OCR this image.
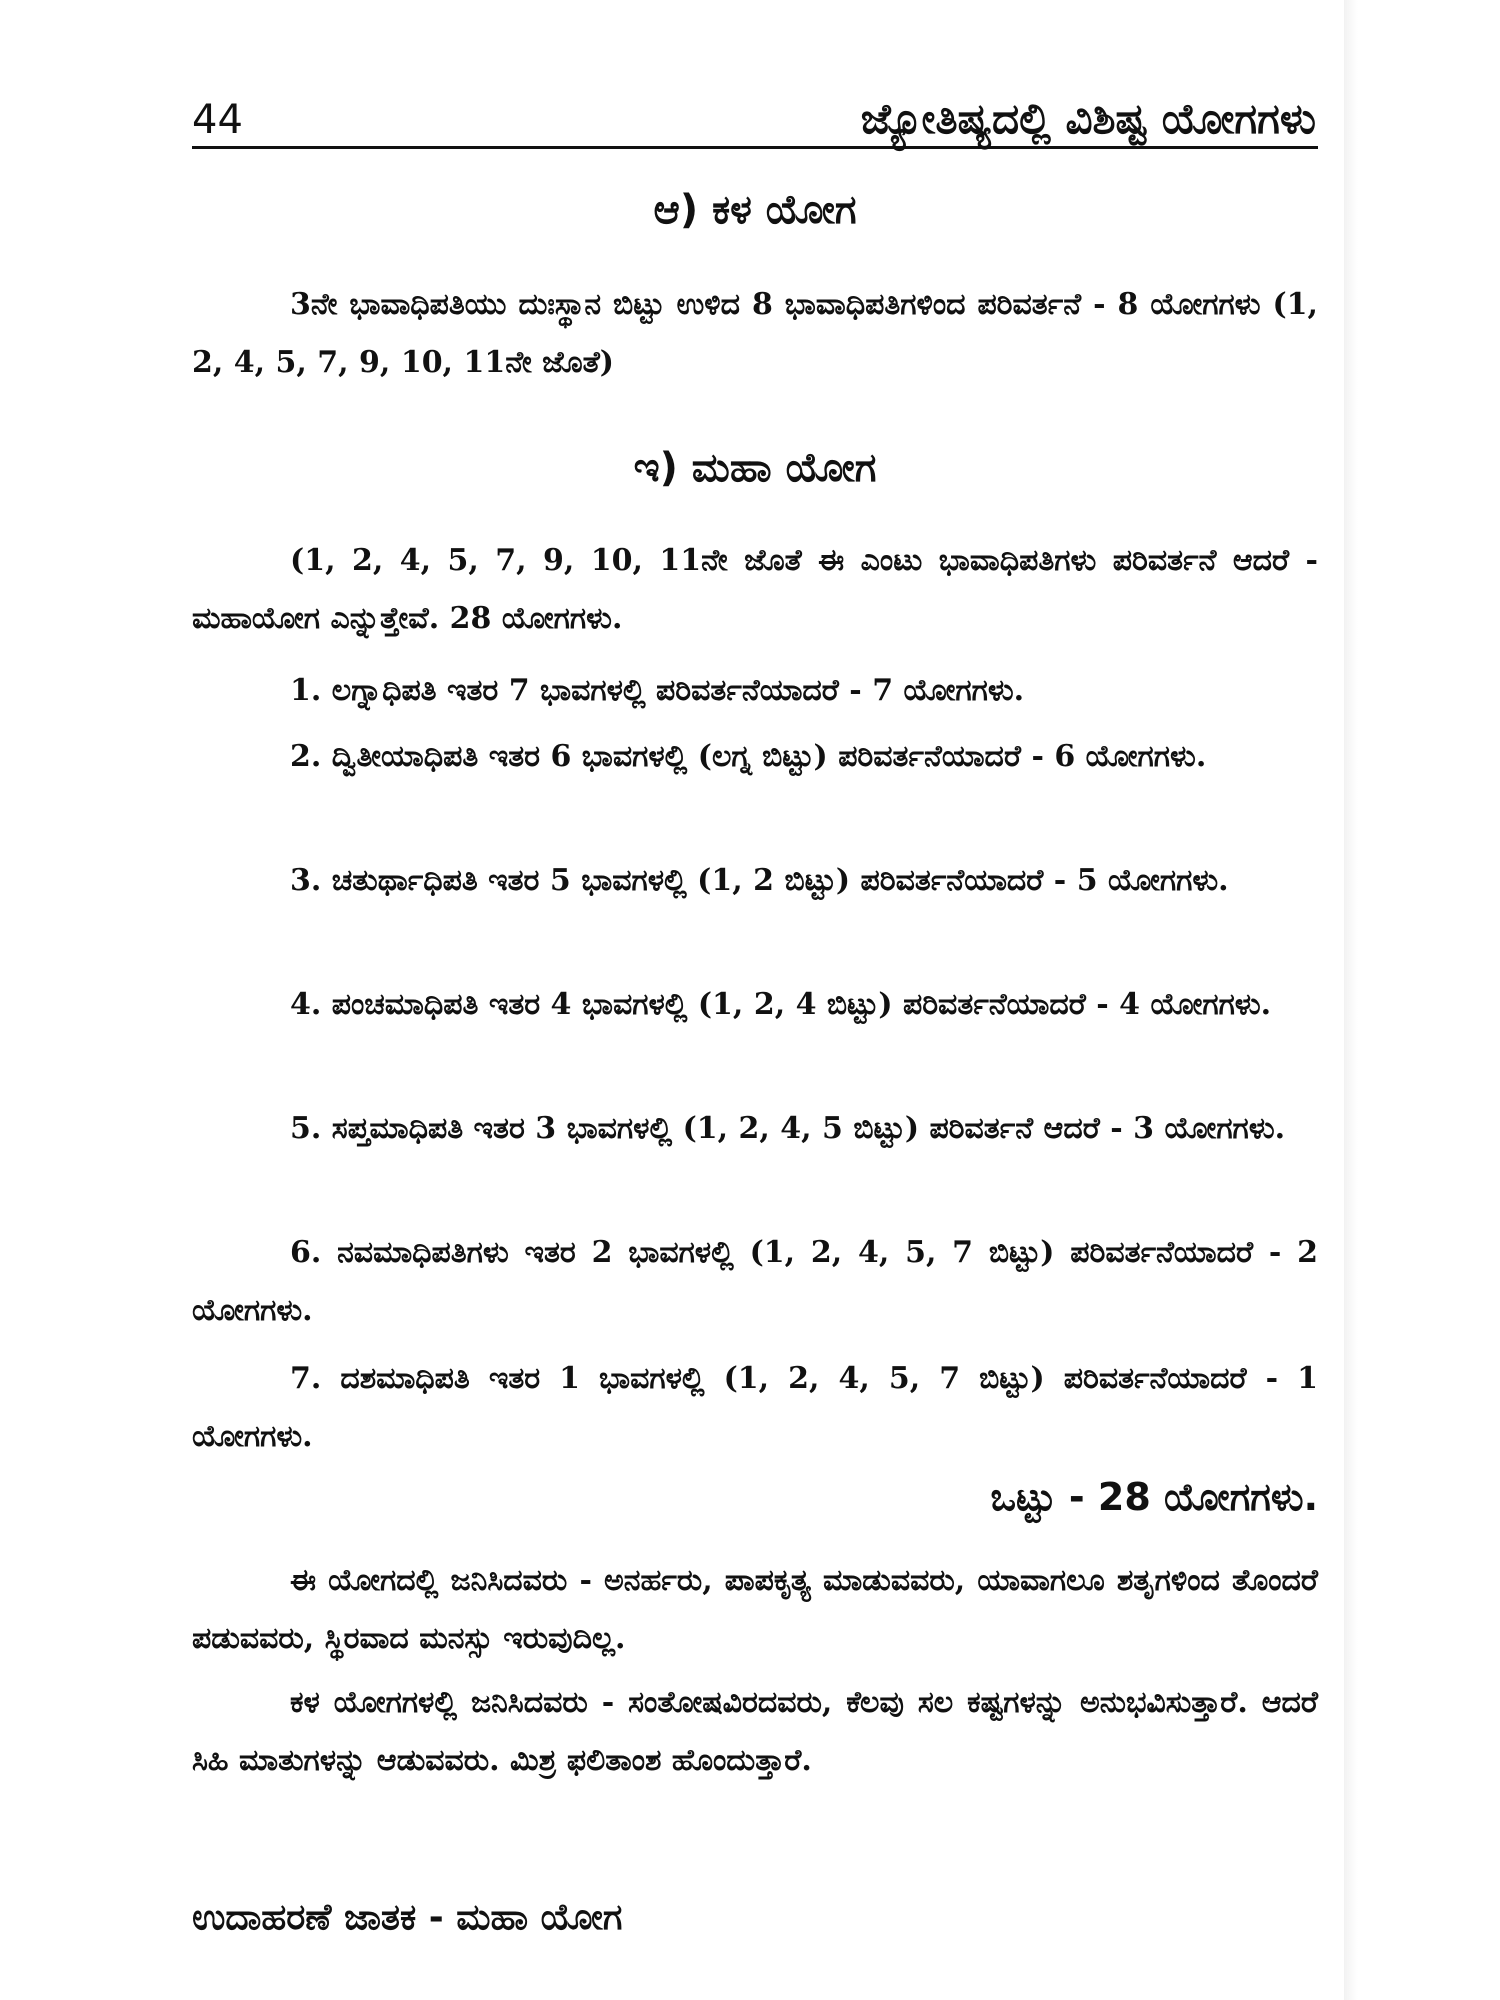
44	ಜ್ಯೋತಿಷ್ಯದಲ್ಲಿ ವಿಶಿಷ್ಟ ಯೋಗಗಳು
ಆ) ಕಳ ಯೋಗ

3ನೇ ಭಾವಾಧಿಪತಿಯು ದುಃಸ್ಥಾನ ಬಿಟ್ಟು ಉಳಿದ 8 ಭಾವಾಧಿಪತಿಗಳಿಂದ ಪರಿವರ್ತನೆ - 8 ಯೋಗಗಳು (1, 2, 4, 5, 7, 9, 10, 11ನೇ ಜೊತೆ)

ಇ) ಮಹಾ ಯೋಗ

(1, 2, 4, 5, 7, 9, 10, 11ನೇ ಜೊತೆ ಈ ಎಂಟು ಭಾವಾಧಿಪತಿಗಳು ಪರಿವರ್ತನೆ ಆದರೆ - ಮಹಾಯೋಗ ಎನ್ನುತ್ತೇವೆ. 28 ಯೋಗಗಳು.

1. ಲಗ್ನಾಧಿಪತಿ ಇತರ 7 ಭಾವಗಳಲ್ಲಿ ಪರಿವರ್ತನೆಯಾದರೆ - 7 ಯೋಗಗಳು.

2. ದ್ವಿತೀಯಾಧಿಪತಿ ಇತರ 6 ಭಾವಗಳಲ್ಲಿ (ಲಗ್ನ ಬಿಟ್ಟು) ಪರಿವರ್ತನೆಯಾದರೆ - 6 ಯೋಗಗಳು.

3. ಚತುರ್ಥಾಧಿಪತಿ ಇತರ 5 ಭಾವಗಳಲ್ಲಿ (1, 2 ಬಿಟ್ಟು) ಪರಿವರ್ತನೆಯಾದರೆ - 5 ಯೋಗಗಳು.

4. ಪಂಚಮಾಧಿಪತಿ ಇತರ 4 ಭಾವಗಳಲ್ಲಿ (1, 2, 4 ಬಿಟ್ಟು) ಪರಿವರ್ತನೆಯಾದರೆ - 4 ಯೋಗಗಳು.

5. ಸಪ್ತಮಾಧಿಪತಿ ಇತರ 3 ಭಾವಗಳಲ್ಲಿ (1, 2, 4, 5 ಬಿಟ್ಟು) ಪರಿವರ್ತನೆ ಆದರೆ - 3 ಯೋಗಗಳು.

6. ನವಮಾಧಿಪತಿಗಳು ಇತರ 2 ಭಾವಗಳಲ್ಲಿ (1, 2, 4, 5, 7 ಬಿಟ್ಟು) ಪರಿವರ್ತನೆಯಾದರೆ - 2 ಯೋಗಗಳು.

7. ದಶಮಾಧಿಪತಿ ಇತರ 1 ಭಾವಗಳಲ್ಲಿ (1, 2, 4, 5, 7 ಬಿಟ್ಟು) ಪರಿವರ್ತನೆಯಾದರೆ - 1 ಯೋಗಗಳು.

ಒಟ್ಟು - 28 ಯೋಗಗಳು.

ಈ ಯೋಗದಲ್ಲಿ ಜನಿಸಿದವರು - ಅನರ್ಹರು, ಪಾಪಕೃತ್ಯ ಮಾಡುವವರು, ಯಾವಾಗಲೂ ಶತೃಗಳಿಂದ ತೊಂದರೆ ಪಡುವವರು, ಸ್ಥಿರವಾದ ಮನಸ್ಸು ಇರುವುದಿಲ್ಲ.

ಕಳ ಯೋಗಗಳಲ್ಲಿ ಜನಿಸಿದವರು - ಸಂತೋಷವಿರದವರು, ಕೆಲವು ಸಲ ಕಷ್ಟಗಳನ್ನು ಅನುಭವಿಸುತ್ತಾರೆ. ಆದರೆ ಸಿಹಿ ಮಾತುಗಳನ್ನು ಆಡುವವರು. ಮಿಶ್ರ ಫಲಿತಾಂಶ ಹೊಂದುತ್ತಾರೆ.

ಉದಾಹರಣೆ ಜಾತಕ - ಮಹಾ ಯೋಗ
